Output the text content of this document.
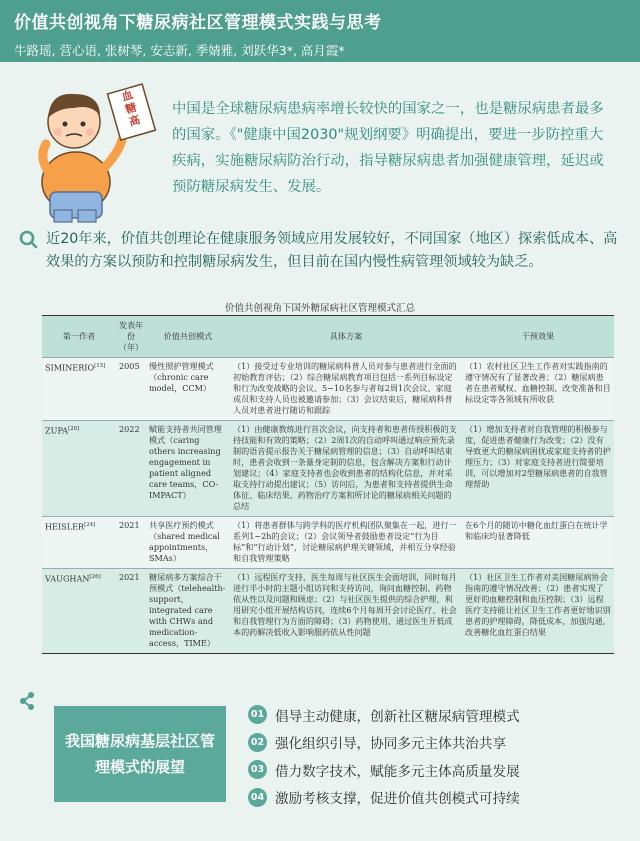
价值共创视角下糖尿病社区管理模式实践与思考
牛路瑶, 营心语, 张树琴, 安志新, 季婧雅, 刘跃华3*, 高月霞*
血糖高
中国是全球糖尿病患病率增长较快的国家之一，也是糖尿病患者最多的国家。《"健康中国2030"规划纲要》明确提出，要进一步防控重大疾病，实施糖尿病防治行动，指导糖尿病患者加强健康管理，延迟或预防糖尿病发生、发展。
近20年来，价值共创理论在健康服务领域应用发展较好，不同国家（地区）探索低成本、高效果的方案以预防和控制糖尿病发生，但目前在国内慢性病管理领域较为缺乏。
价值共创视角下国外糖尿病社区管理模式汇总
第一作者	发表年份（年）	价值共创模式	具体方案	干预效果
SIMINERIO[15]	2005	慢性照护管理模式（chronic care model，CCM）	（1）接受过专业培训的糖尿病科普人员对参与患者进行全面的初始教育评估；（2）综合糖尿病教育项目包括一系列目标设定和行为改变战略的会议、5~10名参与者每2周1次会议、家庭成员和支持人员也被邀请参加；（3）会议结束后，糖尿病科普人员对患者进行随访和跟踪	（1）农村社区卫生工作者对实践指南的遵守情况有了显著改善；（2）糖尿病患者在患者赋权、血糖控制、改变准备和目标设定等各领域有所收获
ZUPA[20]	2022	赋能支持者共同管理模式（caring others increasing engagement in patient aligned care teams，CO-IMPACT）	（1）由健康教练进行首次会议，向支持者和患者传授积极的支持技能和有效的策略；（2）2周1次的自动呼叫通过响应预先录制的语音提示报告关于糖尿病管理的信息；（3）自动呼叫结束时，患者会收到一条量身定制的信息，包含解决方案和行动计划建议；（4）家庭支持者也会收到患者的结构化信息，并对采取支持行动提出建议；（5）访问后，为患者和支持者提供生命体征、临床结果、药物治疗方案和所讨论的糖尿病相关问题的总结	（1）增加支持者对自我管理的积极参与度，促进患者健康行为改变；（2）没有导致更大的糖尿病困扰或家庭支持者的护理压力；（3）对家庭支持者进行简要培训，可以增加对2型糖尿病患者的自我管理帮助
HEISLER[24]	2021	共享医疗预约模式（shared medical appointments，SMAs）	（1）将患者群体与跨学科的医疗机构团队聚集在一起，进行一系列1~2h的会议；（2）会议领导者鼓励患者设定“行为目标”和“行动计划”，讨论糖尿病护理关键领域，并相互分享经验和自我管理策略	在6个月的随访中糖化血红蛋白在统计学和临床均显著降低
VAUGHAN[26]	2021	糖尿病多方案综合干预模式（telehealth-support，integrated care with CHWs and medication-access，TIME）	（1）远程医疗支持，医生每周与社区医生会面培训，同时每月进行半小时的主题小组访问和支持访问，询问血糖控制、药物依从性以及问题和顾虑；（2）与社区医生提供的综合护理，利用研究小组开展结构访问，连续6个月每周开会讨论医疗、社会和自我管理行为方面的障碍；（3）药物使用，通过医生开低成本的药解决低收入影响服药依从性问题	（1）社区卫生工作者对美国糖尿病协会指南的遵守情况改善；（2）患者实现了更好的血糖控制和血压控制；（3）远程医疗支持能让社区卫生工作者更好地识别患者的护理障碍，降低成本，加强沟通，改善糖化血红蛋白结果
我国糖尿病基层社区管理模式的展望
01 倡导主动健康，创新社区糖尿病管理模式
02 强化组织引导，协同多元主体共治共享
03 借力数字技术，赋能多元主体高质量发展
04 激励考核支撑，促进价值共创模式可持续
